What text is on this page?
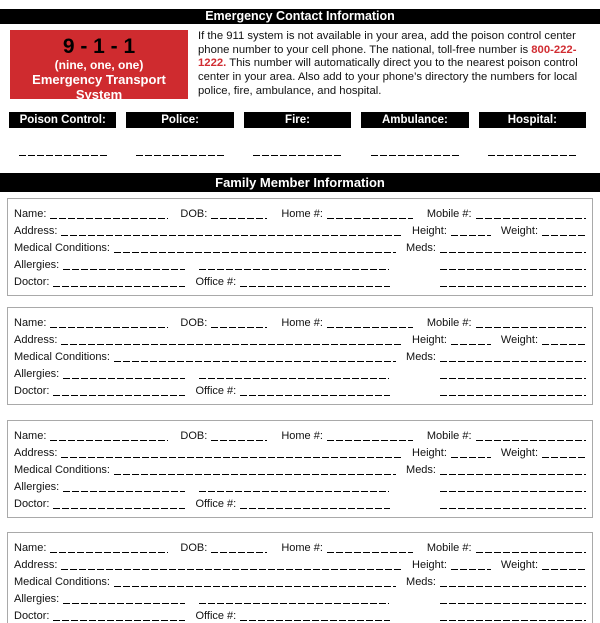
Emergency Contact Information
9 - 1 - 1
(nine, one, one)
Emergency Transport System
If the 911 system is not available in your area, add the poison control center phone number to your cell phone. The national, toll-free number is 800-222-1222. This number will automatically direct you to the nearest poison control center in your area. Also add to your phone’s directory the numbers for local police, fire, ambulance, and hospital.
Poison Control:	Police:	Fire:	Ambulance:	Hospital:
Family Member Information
Name:	DOB:	Home #:	Mobile #:
Address:	Height:	Weight:
Medical Conditions:	Meds:
Allergies:
Doctor:	Office #:
Name:	DOB:	Home #:	Mobile #:
Address:	Height:	Weight:
Medical Conditions:	Meds:
Allergies:
Doctor:	Office #:
Name:	DOB:	Home #:	Mobile #:
Address:	Height:	Weight:
Medical Conditions:	Meds:
Allergies:
Doctor:	Office #:
Name:	DOB:	Home #:	Mobile #:
Address:	Height:	Weight:
Medical Conditions:	Meds:
Allergies:
Doctor:	Office #:
